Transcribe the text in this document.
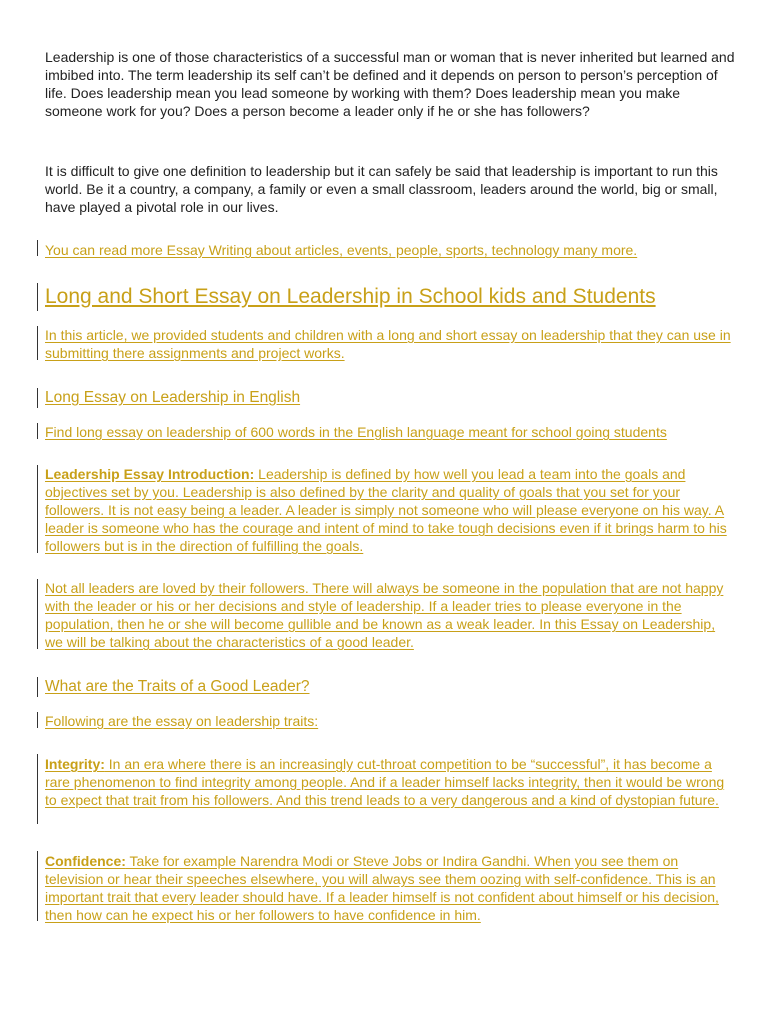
Leadership is one of those characteristics of a successful man or woman that is never inherited but learned and imbibed into. The term leadership its self can’t be defined and it depends on person to person’s perception of life. Does leadership mean you lead someone by working with them? Does leadership mean you make someone work for you? Does a person become a leader only if he or she has followers?

It is difficult to give one definition to leadership but it can safely be said that leadership is important to run this world. Be it a country, a company, a family or even a small classroom, leaders around the world, big or small, have played a pivotal role in our lives.

You can read more Essay Writing about articles, events, people, sports, technology many more.

Long and Short Essay on Leadership in School kids and Students

In this article, we provided students and children with a long and short essay on leadership that they can use in submitting there assignments and project works.

Long Essay on Leadership in English

Find long essay on leadership of 600 words in the English language meant for school going students

Leadership Essay Introduction: Leadership is defined by how well you lead a team into the goals and objectives set by you. Leadership is also defined by the clarity and quality of goals that you set for your followers. It is not easy being a leader. A leader is simply not someone who will please everyone on his way. A leader is someone who has the courage and intent of mind to take tough decisions even if it brings harm to his followers but is in the direction of fulfilling the goals.

Not all leaders are loved by their followers. There will always be someone in the population that are not happy with the leader or his or her decisions and style of leadership. If a leader tries to please everyone in the population, then he or she will become gullible and be known as a weak leader. In this Essay on Leadership, we will be talking about the characteristics of a good leader.

What are the Traits of a Good Leader?

Following are the essay on leadership traits:

Integrity: In an era where there is an increasingly cut-throat competition to be “successful”, it has become a rare phenomenon to find integrity among people. And if a leader himself lacks integrity, then it would be wrong to expect that trait from his followers. And this trend leads to a very dangerous and a kind of dystopian future.

Confidence: Take for example Narendra Modi or Steve Jobs or Indira Gandhi. When you see them on television or hear their speeches elsewhere, you will always see them oozing with self-confidence. This is an important trait that every leader should have. If a leader himself is not confident about himself or his decision, then how can he expect his or her followers to have confidence in him.
